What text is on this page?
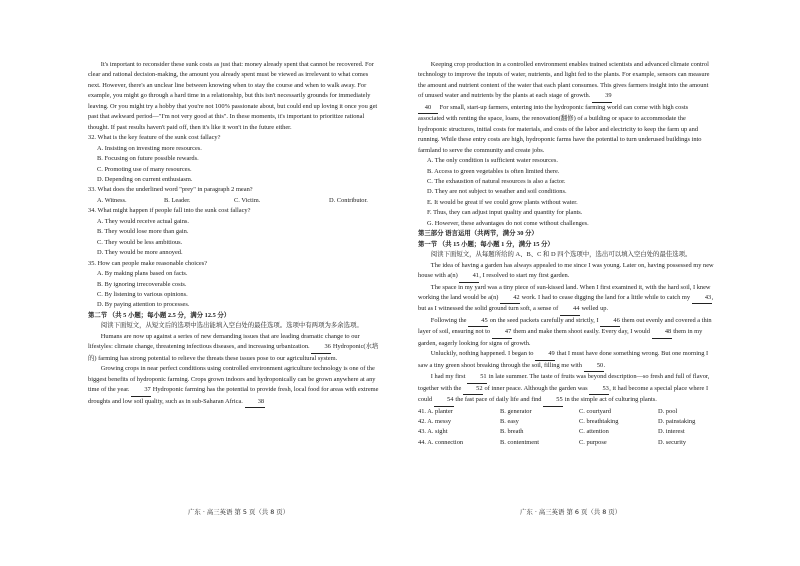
It's important to reconsider these sunk costs as just that: money already spent that cannot be recovered. For clear and rational decision-making, the amount you already spent must be viewed as irrelevant to what comes next. However, there's an unclear line between knowing when to stay the course and when to walk away. For example, you might go through a hard time in a relationship, but this isn't necessarily grounds for immediately leaving. Or you might try a hobby that you're not 100% passionate about, but could end up loving it once you get past that awkward period—"I'm not very good at this". In these moments, it's important to prioritize rational thought. If past results haven't paid off, then it's like it won't in the future either.

32. What is the key feature of the sunk cost fallacy?

A. Insisting on investing more resources.

B. Focusing on future possible rewards.

C. Promoting use of many resources.

D. Depending on current enthusiasm.

33. What does the underlined word "prey" in paragraph 2 mean?

A. Witness.	B. Leader.	C. Victim.	D. Contributor.

34. What might happen if people fall into the sunk cost fallacy?

A. They would receive actual gains.

B. They would lose more than gain.

C. They would be less ambitious.

D. They would be more annoyed.

35. How can people make reasonable choices?

A. By making plans based on facts.

B. By ignoring irrecoverable costs.

C. By listening to various opinions.

D. By paying attention to processes.

第二节 （共 5 小题；每小题 2.5 分，满分 12.5 分）

阅读下面短文，从短文后的选项中选出能填入空白处的最佳选项。选项中有两项为多余选项。

Humans are now up against a series of new demanding issues that are leading dramatic change to our lifestyles: climate change, threatening infectious diseases, and increasing urbanization. 36 Hydroponic(水培的) farming has strong potential to relieve the threats these issues pose to our agricultural system.

Growing crops in near perfect conditions using controlled environment agriculture technology is one of the biggest benefits of hydroponic farming. Crops grown indoors and hydroponically can be grown anywhere at any time of the year. 37 Hydroponic farming has the potential to provide fresh, local food for areas with extreme droughts and low soil quality, such as in sub-Saharan Africa. 38

Keeping crop production in a controlled environment enables trained scientists and advanced climate control technology to improve the inputs of water, nutrients, and light fed to the plants. For example, sensors can measure the amount and nutrient content of the water that each plant consumes. This gives farmers insight into the amount of unused water and nutrients by the plants at each stage of growth. 39

40 For small, start-up farmers, entering into the hydroponic farming world can come with high costs associated with renting the space, loans, the renovation(翻修) of a building or space to accommodate the hydroponic structures, initial costs for materials, and costs of the labor and electricity to keep the farm up and running. While these entry costs are high, hydroponic farms have the potential to turn underused buildings into farmland to serve the community and create jobs.

A. The only condition is sufficient water resources.

B. Access to green vegetables is often limited there.

C. The exhaustion of natural resources is also a factor.

D. They are not subject to weather and soil conditions.

E. It would be great if we could grow plants without water.

F. Thus, they can adjust input quality and quantity for plants.

G. However, these advantages do not come without challenges.

第三部分 语言运用（共两节，满分 30 分）

第一节 （共 15 小题；每小题 1 分，满分 15 分）

阅读下面短文，从每题所给的 A、B、C 和 D 四个选项中，选出可以填入空白处的最佳选项。

The idea of having a garden has always appealed to me since I was young. Later on, having possessed my new house with a(n) 41, I resolved to start my first garden.

The space in my yard was a tiny piece of sun-kissed land. When I first examined it, with the hard soil, I knew working the land would be a(n) 42 work. I had to cease digging the land for a little while to catch my 43, but as I witnessed the solid ground turn soft, a sense of 44 welled up.

Following the 45 on the seed packets carefully and strictly, I 46 them out evenly and covered a thin layer of soil, ensuring not to 47 them and make them shoot easily. Every day, I would 48 them in my garden, eagerly looking for signs of growth.

Unluckily, nothing happened. I began to 49 that I must have done something wrong. But one morning I saw a tiny green shoot breaking through the soil, filling me with 50.

I had my first 51 in late summer. The taste of fruits was beyond description—so fresh and full of flavor, together with the 52 of inner peace. Although the garden was 53, it had become a special place where I could 54 the fast pace of daily life and find 55 in the simple act of culturing plants.

41. A. planter	B. generator	C. courtyard	D. pool

42. A. messy	B. easy	C. breathtaking	D. painstaking

43. A. sight	B. breath	C. attention	D. interest

44. A. connection	B. contentment	C. purpose	D. security

广东 · 高三英语 第 5 页（共 8 页）	广东 · 高三英语 第 6 页（共 8 页）
